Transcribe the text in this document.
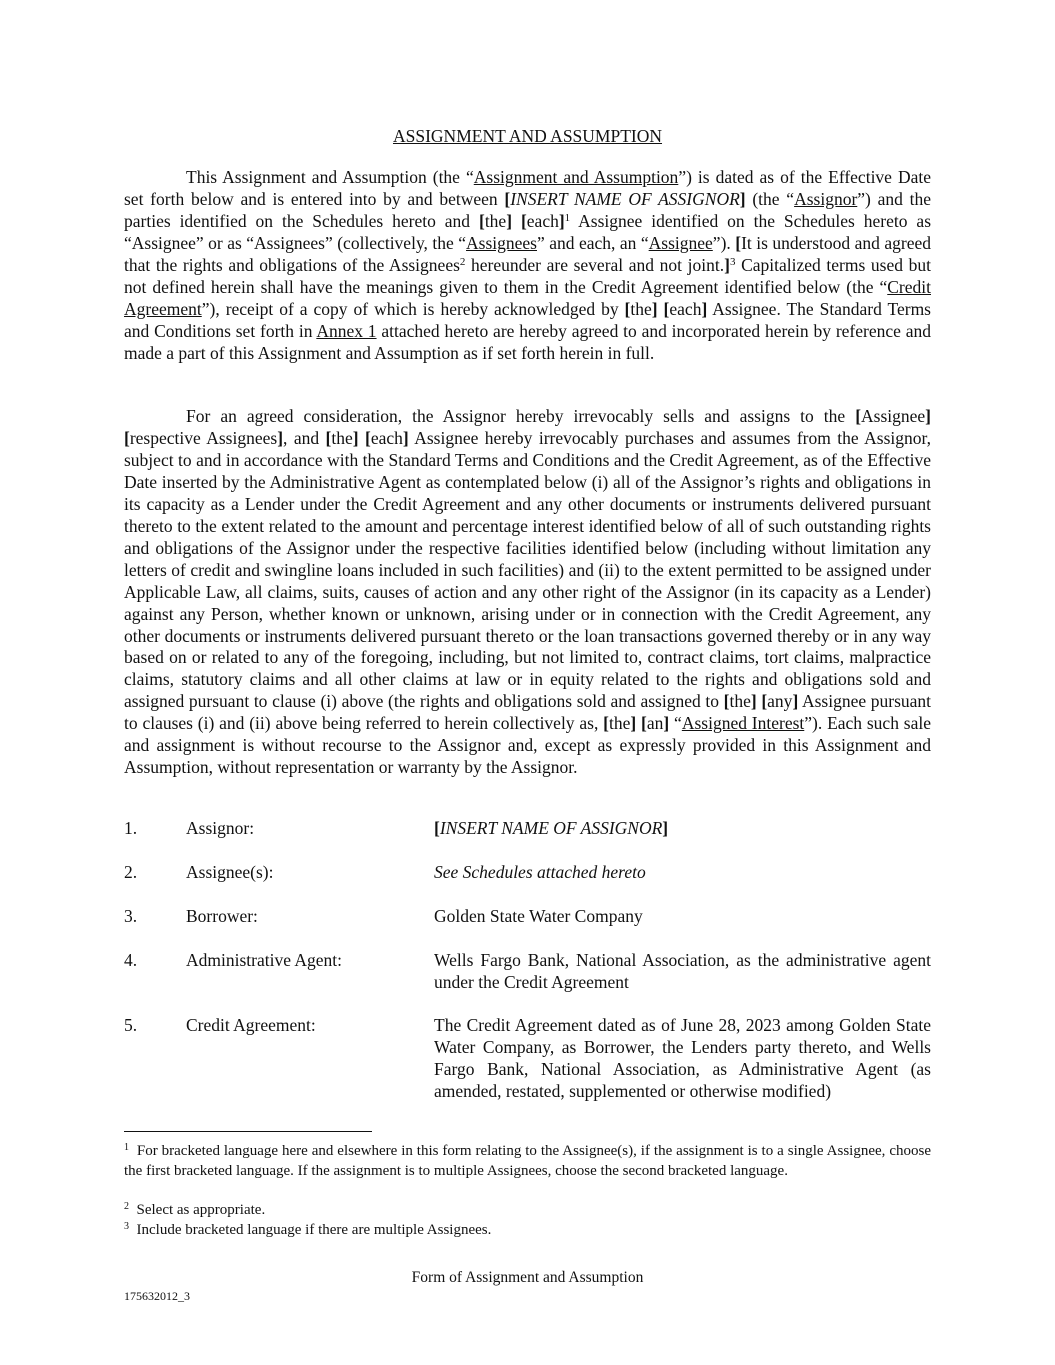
ASSIGNMENT AND ASSUMPTION

This Assignment and Assumption (the “Assignment and Assumption”) is dated as of the Effective Date set forth below and is entered into by and between [INSERT NAME OF ASSIGNOR] (the “Assignor”) and the parties identified on the Schedules hereto and [the] [each]$^1$ Assignee identified on the Schedules hereto as “Assignee” or as “Assignees” (collectively, the “Assignees” and each, an “Assignee”). [It is understood and agreed that the rights and obligations of the Assignees$^2$ hereunder are several and not joint.]$^3$ Capitalized terms used but not defined herein shall have the meanings given to them in the Credit Agreement identified below (the “Credit Agreement”), receipt of a copy of which is hereby acknowledged by [the] [each] Assignee. The Standard Terms and Conditions set forth in Annex 1 attached hereto are hereby agreed to and incorporated herein by reference and made a part of this Assignment and Assumption as if set forth herein in full.

For an agreed consideration, the Assignor hereby irrevocably sells and assigns to the [Assignee] [respective Assignees], and [the] [each] Assignee hereby irrevocably purchases and assumes from the Assignor, subject to and in accordance with the Standard Terms and Conditions and the Credit Agreement, as of the Effective Date inserted by the Administrative Agent as contemplated below (i) all of the Assignor’s rights and obligations in its capacity as a Lender under the Credit Agreement and any other documents or instruments delivered pursuant thereto to the extent related to the amount and percentage interest identified below of all of such outstanding rights and obligations of the Assignor under the respective facilities identified below (including without limitation any letters of credit and swingline loans included in such facilities) and (ii) to the extent permitted to be assigned under Applicable Law, all claims, suits, causes of action and any other right of the Assignor (in its capacity as a Lender) against any Person, whether known or unknown, arising under or in connection with the Credit Agreement, any other documents or instruments delivered pursuant thereto or the loan transactions governed thereby or in any way based on or related to any of the foregoing, including, but not limited to, contract claims, tort claims, malpractice claims, statutory claims and all other claims at law or in equity related to the rights and obligations sold and assigned pursuant to clause (i) above (the rights and obligations sold and assigned to [the] [any] Assignee pursuant to clauses (i) and (ii) above being referred to herein collectively as, [the] [an] “Assigned Interest”). Each such sale and assignment is without recourse to the Assignor and, except as expressly provided in this Assignment and Assumption, without representation or warranty by the Assignor.

1.	Assignor:	[INSERT NAME OF ASSIGNOR]
2.	Assignee(s):	See Schedules attached hereto
3.	Borrower:	Golden State Water Company
4.	Administrative Agent:	Wells Fargo Bank, National Association, as the administrative agent under the Credit Agreement
5.	Credit Agreement:	The Credit Agreement dated as of June 28, 2023 among Golden State Water Company, as Borrower, the Lenders party thereto, and Wells Fargo Bank, National Association, as Administrative Agent (as amended, restated, supplemented or otherwise modified)
$^1$ For bracketed language here and elsewhere in this form relating to the Assignee(s), if the assignment is to a single Assignee, choose the first bracketed language. If the assignment is to multiple Assignees, choose the second bracketed language.
$^2$ Select as appropriate.
$^3$ Include bracketed language if there are multiple Assignees.
Form of Assignment and Assumption
175632012_3
